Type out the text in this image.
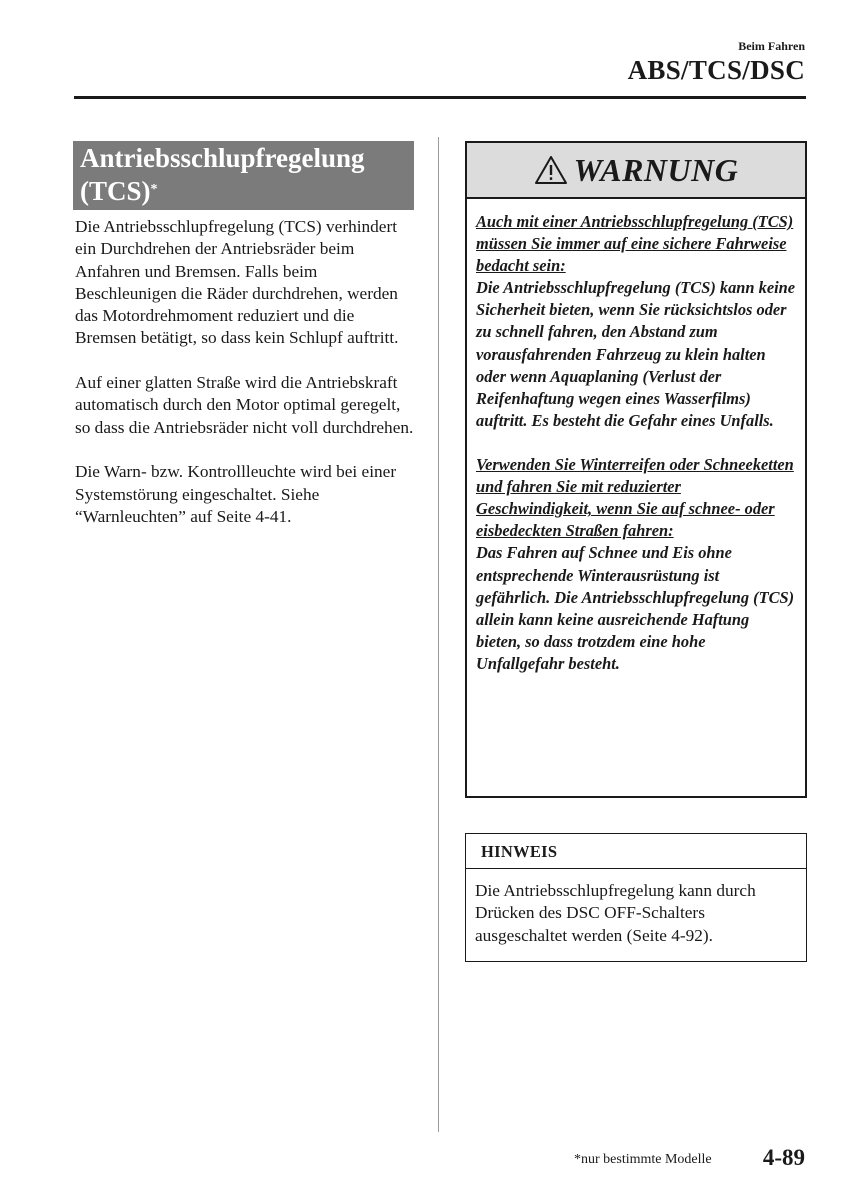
Beim Fahren
ABS/TCS/DSC
Antriebsschlupfregelung (TCS)*

Die Antriebsschlupfregelung (TCS) verhindert ein Durchdrehen der Antriebsräder beim Anfahren und Bremsen. Falls beim Beschleunigen die Räder durchdrehen, werden das Motordrehmoment reduziert und die Bremsen betätigt, so dass kein Schlupf auftritt.

Auf einer glatten Straße wird die Antriebskraft automatisch durch den Motor optimal geregelt, so dass die Antriebsräder nicht voll durchdrehen.

Die Warn- bzw. Kontrollleuchte wird bei einer Systemstörung eingeschaltet. Siehe “Warnleuchten” auf Seite 4-41.

WARNUNG
Auch mit einer Antriebsschlupfregelung (TCS) müssen Sie immer auf eine sichere Fahrweise bedacht sein:
Die Antriebsschlupfregelung (TCS) kann keine Sicherheit bieten, wenn Sie rücksichtslos oder zu schnell fahren, den Abstand zum vorausfahrenden Fahrzeug zu klein halten oder wenn Aquaplaning (Verlust der Reifenhaftung wegen eines Wasserfilms) auftritt. Es besteht die Gefahr eines Unfalls.
Verwenden Sie Winterreifen oder Schneeketten und fahren Sie mit reduzierter Geschwindigkeit, wenn Sie auf schnee- oder eisbedeckten Straßen fahren:
Das Fahren auf Schnee und Eis ohne entsprechende Winterausrüstung ist gefährlich. Die Antriebsschlupfregelung (TCS) allein kann keine ausreichende Haftung bieten, so dass trotzdem eine hohe Unfallgefahr besteht.
HINWEIS
Die Antriebsschlupfregelung kann durch Drücken des DSC OFF-Schalters ausgeschaltet werden (Seite 4-92).
*nur bestimmte Modelle 4-89
